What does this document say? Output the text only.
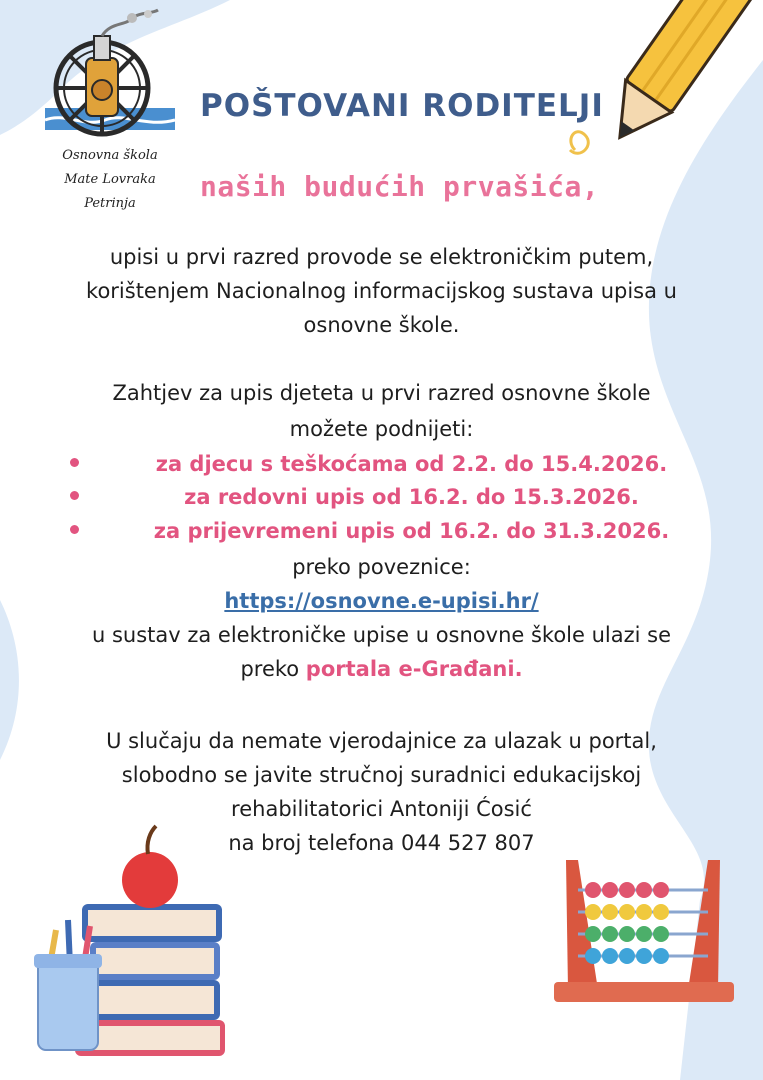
Osnovna škola
Mate Lovraka
Petrinja
POŠTOVANI RODITELJI
naših budućih prvašića,

upisi u prvi razred provode se elektroničkim putem,

korištenjem Nacionalnog informacijskog sustava upisa u

osnovne škole.

Zahtjev za upis djeteta u prvi razred osnovne škole

možete podnijeti:

za djecu s teškoćama od 2.2. do 15.4.2026.
za redovni upis od 16.2. do 15.3.2026.
za prijevremeni upis od 16.2. do 31.3.2026.

preko poveznice:

https://osnovne.e-upisi.hr/

u sustav za elektroničke upise u osnovne škole ulazi se

preko portala e-Građani.

U slučaju da nemate vjerodajnice za ulazak u portal,

slobodno se javite stručnoj suradnici edukacijskoj

rehabilitatorici Antoniji Ćosić

na broj telefona 044 527 807
